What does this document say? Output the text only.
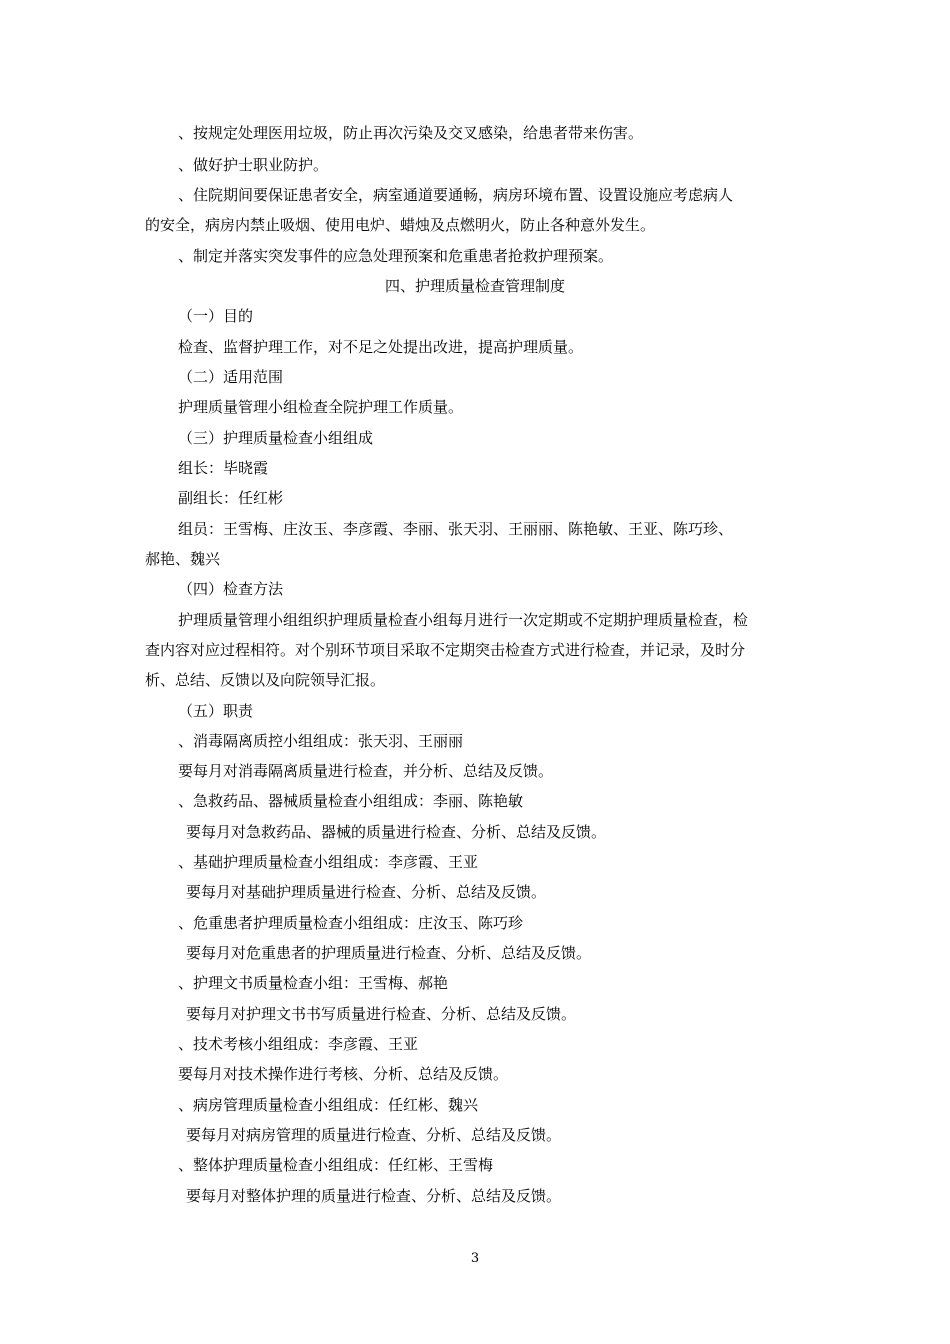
、按规定处理医用垃圾，防止再次污染及交叉感染，给患者带来伤害。
、做好护士职业防护。
、住院期间要保证患者安全，病室通道要通畅，病房环境布置、设置设施应考虑病人
的安全，病房内禁止吸烟、使用电炉、蜡烛及点燃明火，防止各种意外发生。
、制定并落实突发事件的应急处理预案和危重患者抢救护理预案。
四、护理质量检查管理制度
（一）目的
检查、监督护理工作，对不足之处提出改进，提高护理质量。
（二）适用范围
护理质量管理小组检查全院护理工作质量。
（三）护理质量检查小组组成
组长：毕晓霞
副组长：任红彬
组员：王雪梅、庄汝玉、李彦霞、李丽、张天羽、王丽丽、陈艳敏、王亚、陈巧珍、
郝艳、魏兴
（四）检查方法
护理质量管理小组组织护理质量检查小组每月进行一次定期或不定期护理质量检查，检
查内容对应过程相符。对个别环节项目采取不定期突击检查方式进行检查，并记录，及时分
析、总结、反馈以及向院领导汇报。
（五）职责
、消毒隔离质控小组组成：张天羽、王丽丽
要每月对消毒隔离质量进行检查，并分析、总结及反馈。
、急救药品、器械质量检查小组组成：李丽、陈艳敏
要每月对急救药品、器械的质量进行检查、分析、总结及反馈。
、基础护理质量检查小组组成：李彦霞、王亚
要每月对基础护理质量进行检查、分析、总结及反馈。
、危重患者护理质量检查小组组成：庄汝玉、陈巧珍
要每月对危重患者的护理质量进行检查、分析、总结及反馈。
、护理文书质量检查小组：王雪梅、郝艳
要每月对护理文书书写质量进行检查、分析、总结及反馈。
、技术考核小组组成：李彦霞、王亚
要每月对技术操作进行考核、分析、总结及反馈。
、病房管理质量检查小组组成：任红彬、魏兴
要每月对病房管理的质量进行检查、分析、总结及反馈。
、整体护理质量检查小组组成：任红彬、王雪梅
要每月对整体护理的质量进行检查、分析、总结及反馈。
3
